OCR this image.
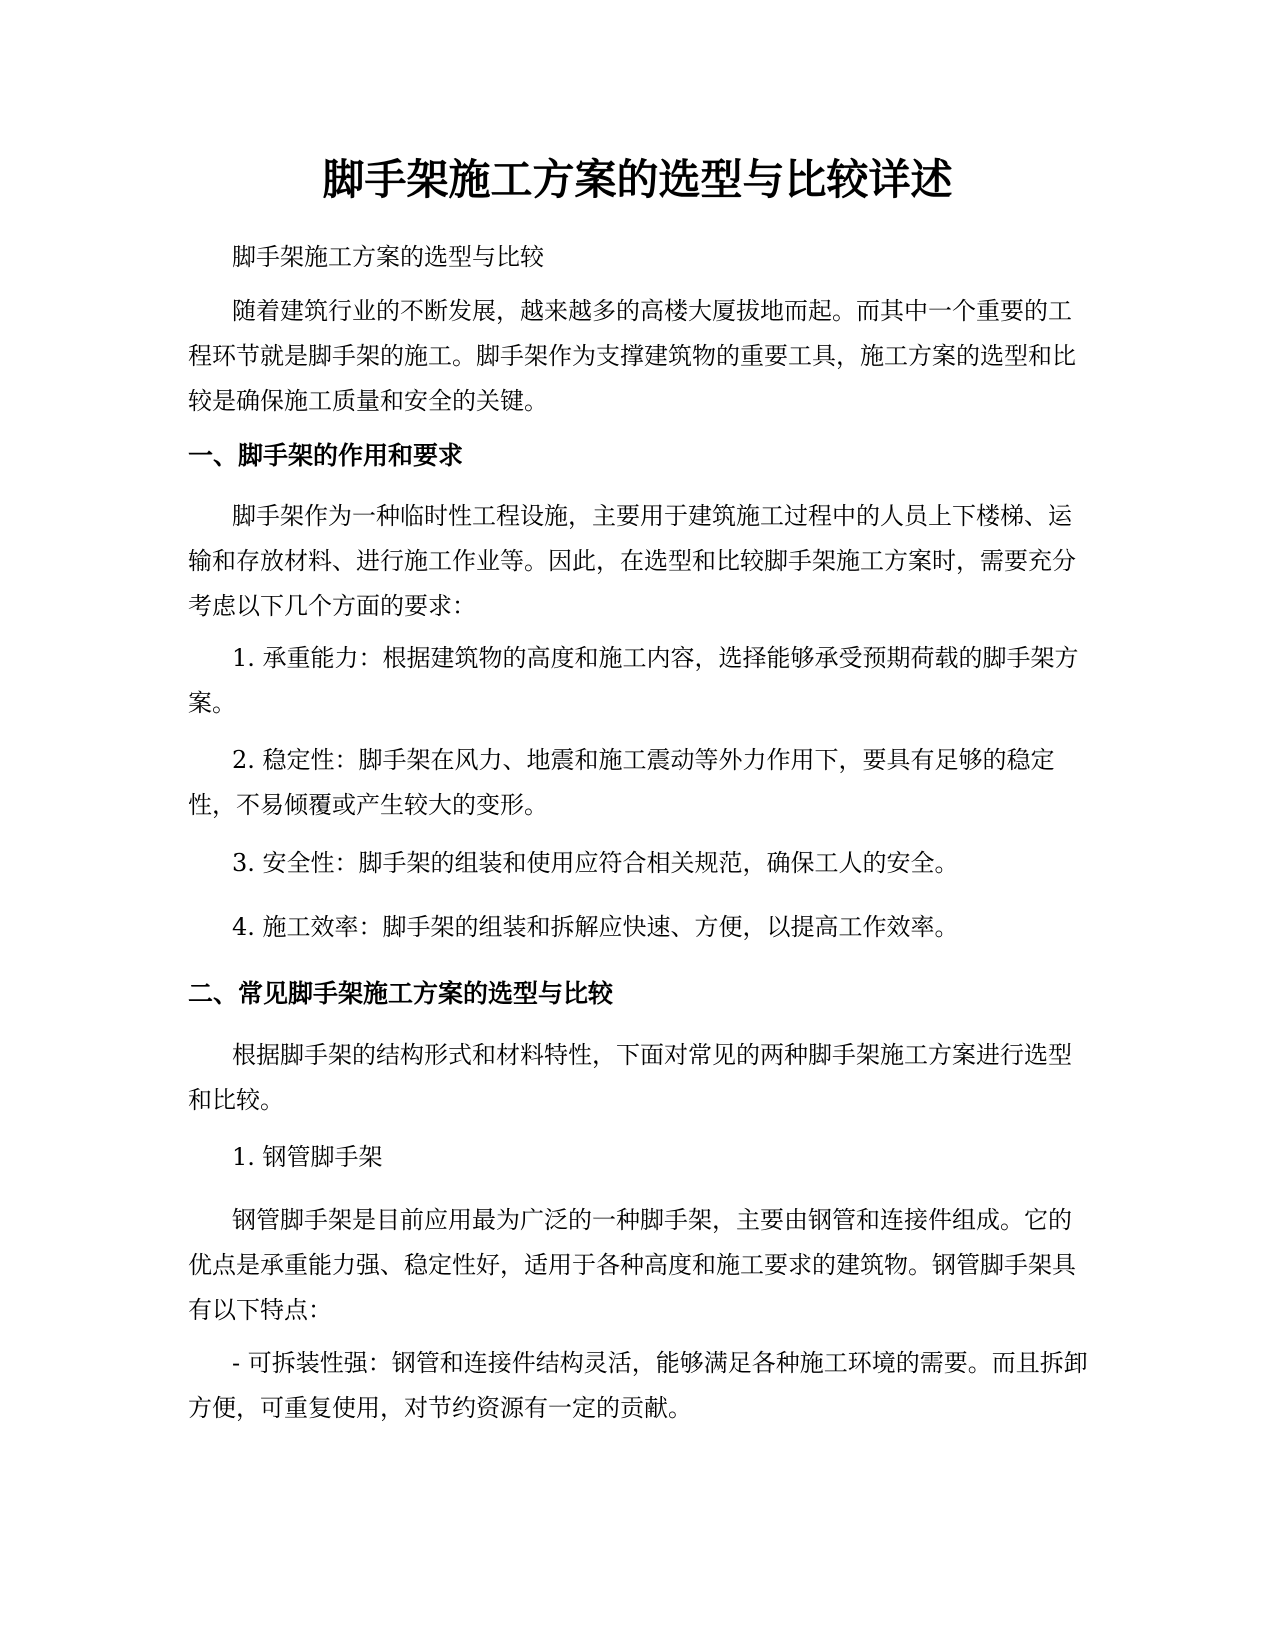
脚手架施工方案的选型与比较详述

脚手架施工方案的选型与比较

随着建筑行业的不断发展，越来越多的高楼大厦拔地而起。而其中一个重要的工程环节就是脚手架的施工。脚手架作为支撑建筑物的重要工具，施工方案的选型和比较是确保施工质量和安全的关键。

一、脚手架的作用和要求

脚手架作为一种临时性工程设施，主要用于建筑施工过程中的人员上下楼梯、运输和存放材料、进行施工作业等。因此，在选型和比较脚手架施工方案时，需要充分考虑以下几个方面的要求：

1. 承重能力：根据建筑物的高度和施工内容，选择能够承受预期荷载的脚手架方案。

2. 稳定性：脚手架在风力、地震和施工震动等外力作用下，要具有足够的稳定性，不易倾覆或产生较大的变形。

3. 安全性：脚手架的组装和使用应符合相关规范，确保工人的安全。

4. 施工效率：脚手架的组装和拆解应快速、方便，以提高工作效率。

二、常见脚手架施工方案的选型与比较

根据脚手架的结构形式和材料特性，下面对常见的两种脚手架施工方案进行选型和比较。

1. 钢管脚手架

钢管脚手架是目前应用最为广泛的一种脚手架，主要由钢管和连接件组成。它的优点是承重能力强、稳定性好，适用于各种高度和施工要求的建筑物。钢管脚手架具有以下特点：

- 可拆装性强：钢管和连接件结构灵活，能够满足各种施工环境的需要。而且拆卸方便，可重复使用，对节约资源有一定的贡献。
